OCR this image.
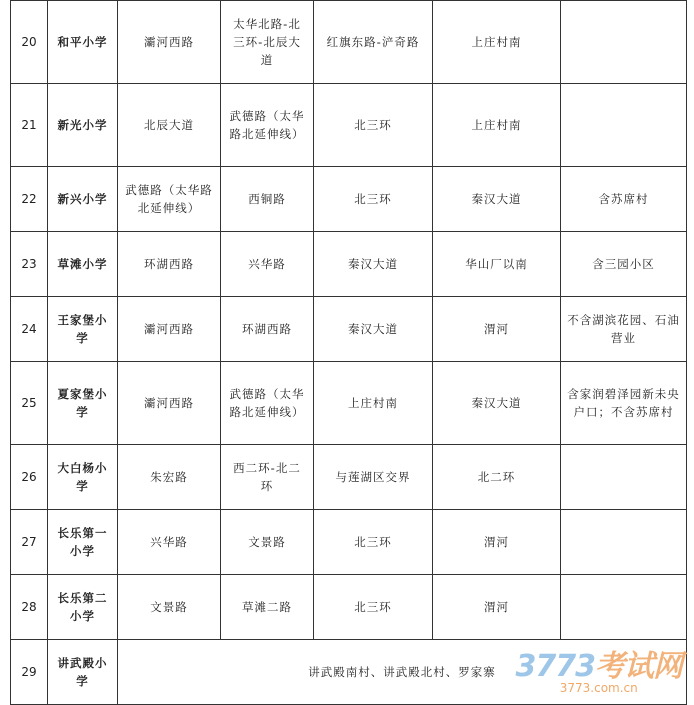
20	和平小学	灞河西路	太华北路-北三环-北辰大道	红旗东路-浐奇路	上庄村南	
21	新光小学	北辰大道	武德路（太华路北延伸线）	北三环	上庄村南	
22	新兴小学	武德路（太华路北延伸线）	西铜路	北三环	秦汉大道	含苏席村
23	草滩小学	环湖西路	兴华路	秦汉大道	华山厂以南	含三园小区
24	王家堡小学	灞河西路	环湖西路	秦汉大道	渭河	不含湖滨花园、石油营业
25	夏家堡小学	灞河西路	武德路（太华路北延伸线）	上庄村南	秦汉大道	含家润碧泽园新未央户口；不含苏席村
26	大白杨小学	朱宏路	西二环-北二环	与莲湖区交界	北二环	
27	长乐第一小学	兴华路	文景路	北三环	渭河	
28	长乐第二小学	文景路	草滩二路	北三环	渭河	
29	讲武殿小学	讲武殿南村、讲武殿北村、罗家寨				3773考试网
3773.com.cn
